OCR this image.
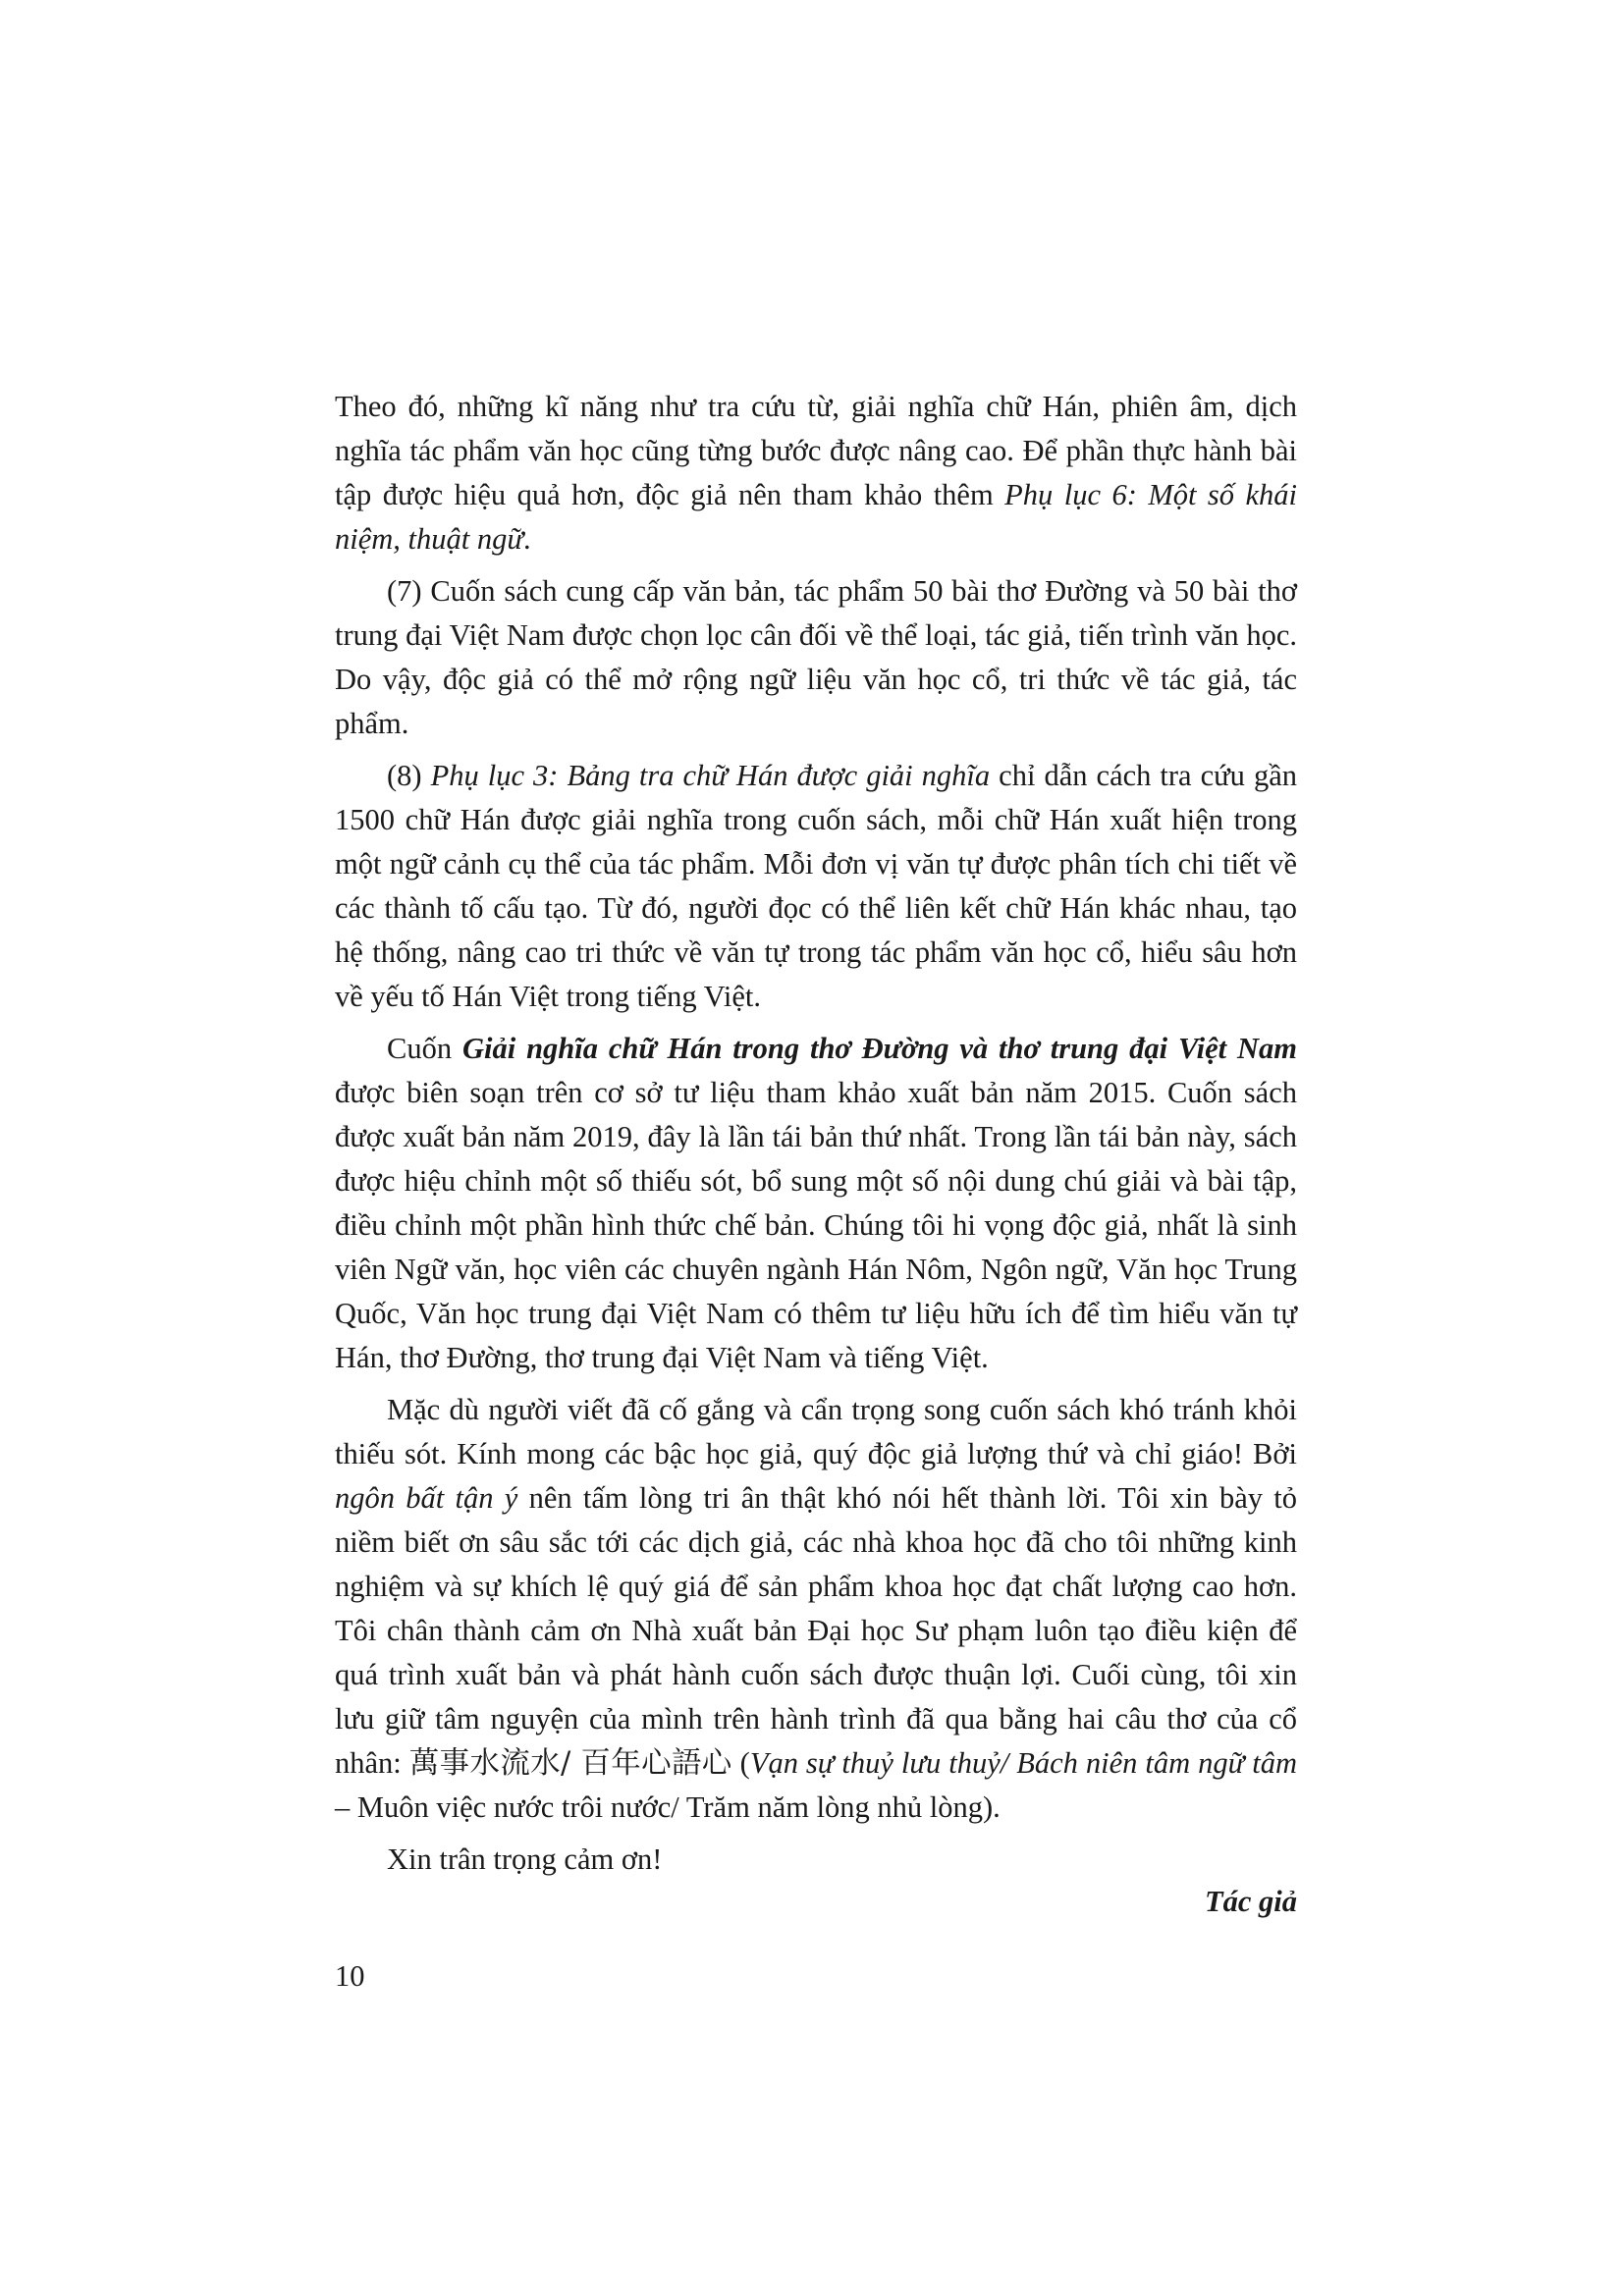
Theo đó, những kĩ năng như tra cứu từ, giải nghĩa chữ Hán, phiên âm, dịch nghĩa tác phẩm văn học cũng từng bước được nâng cao. Để phần thực hành bài tập được hiệu quả hơn, độc giả nên tham khảo thêm Phụ lục 6: Một số khái niệm, thuật ngữ.

(7) Cuốn sách cung cấp văn bản, tác phẩm 50 bài thơ Đường và 50 bài thơ trung đại Việt Nam được chọn lọc cân đối về thể loại, tác giả, tiến trình văn học. Do vậy, độc giả có thể mở rộng ngữ liệu văn học cổ, tri thức về tác giả, tác phẩm.

(8) Phụ lục 3: Bảng tra chữ Hán được giải nghĩa chỉ dẫn cách tra cứu gần 1500 chữ Hán được giải nghĩa trong cuốn sách, mỗi chữ Hán xuất hiện trong một ngữ cảnh cụ thể của tác phẩm. Mỗi đơn vị văn tự được phân tích chi tiết về các thành tố cấu tạo. Từ đó, người đọc có thể liên kết chữ Hán khác nhau, tạo hệ thống, nâng cao tri thức về văn tự trong tác phẩm văn học cổ, hiểu sâu hơn về yếu tố Hán Việt trong tiếng Việt.

Cuốn Giải nghĩa chữ Hán trong thơ Đường và thơ trung đại Việt Nam được biên soạn trên cơ sở tư liệu tham khảo xuất bản năm 2015. Cuốn sách được xuất bản năm 2019, đây là lần tái bản thứ nhất. Trong lần tái bản này, sách được hiệu chỉnh một số thiếu sót, bổ sung một số nội dung chú giải và bài tập, điều chỉnh một phần hình thức chế bản. Chúng tôi hi vọng độc giả, nhất là sinh viên Ngữ văn, học viên các chuyên ngành Hán Nôm, Ngôn ngữ, Văn học Trung Quốc, Văn học trung đại Việt Nam có thêm tư liệu hữu ích để tìm hiểu văn tự Hán, thơ Đường, thơ trung đại Việt Nam và tiếng Việt.

Mặc dù người viết đã cố gắng và cẩn trọng song cuốn sách khó tránh khỏi thiếu sót. Kính mong các bậc học giả, quý độc giả lượng thứ và chỉ giáo! Bởi ngôn bất tận ý nên tấm lòng tri ân thật khó nói hết thành lời. Tôi xin bày tỏ niềm biết ơn sâu sắc tới các dịch giả, các nhà khoa học đã cho tôi những kinh nghiệm và sự khích lệ quý giá để sản phẩm khoa học đạt chất lượng cao hơn. Tôi chân thành cảm ơn Nhà xuất bản Đại học Sư phạm luôn tạo điều kiện để quá trình xuất bản và phát hành cuốn sách được thuận lợi. Cuối cùng, tôi xin lưu giữ tâm nguyện của mình trên hành trình đã qua bằng hai câu thơ của cổ nhân: 萬事水流水/ 百年心語心 (Vạn sự thuỷ lưu thuỷ/ Bách niên tâm ngữ tâm – Muôn việc nước trôi nước/ Trăm năm lòng nhủ lòng).

Xin trân trọng cảm ơn!

Tác giả
10
